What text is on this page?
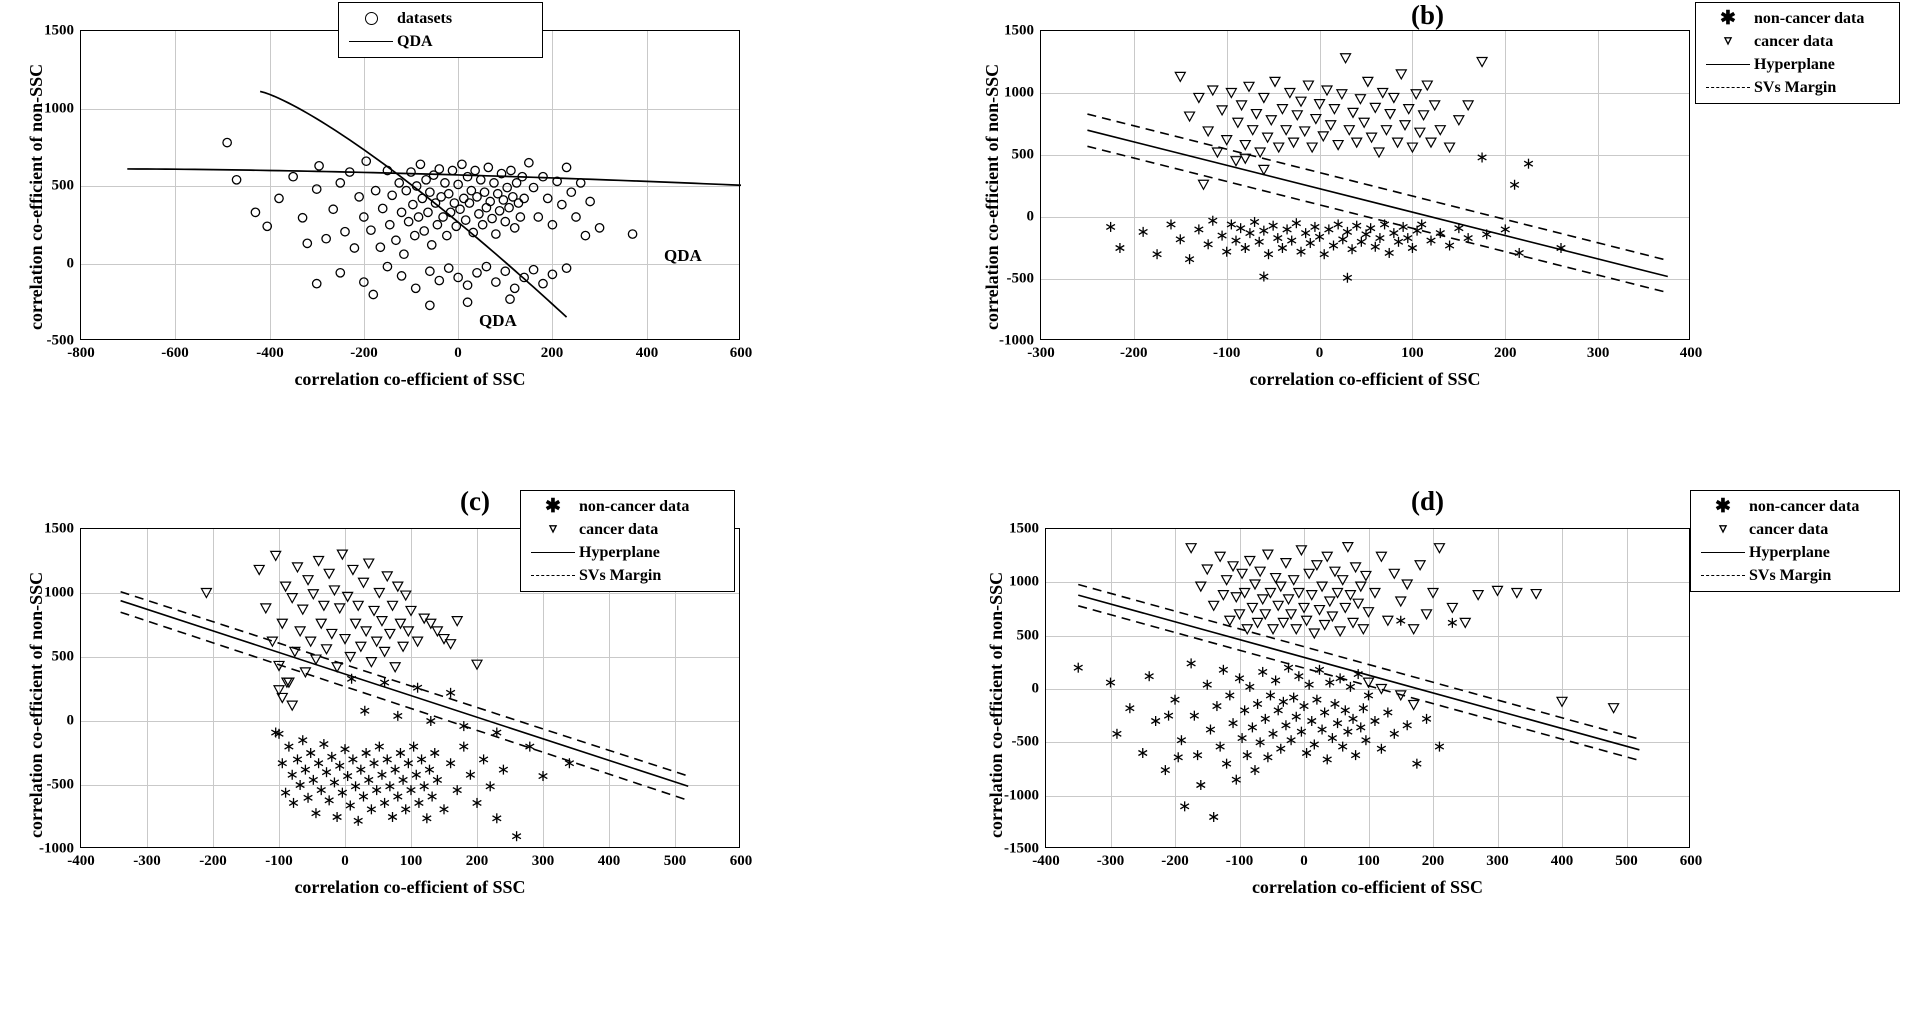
1500
1000
500
0
-500
-800	-600	-400	-200	0	200	400	600
QDA
QDA
correlation co-efficient of SSC
correlation co-efficient of non-SSC
datasets
QDA
(b)
1500
1000
500
0
-500
-1000
-300	-200	-100	0	100	200	300	400
correlation co-efficient of SSC
correlation co-efficient of non-SSC
✱ non-cancer data
▿ cancer data
Hyperplane
SVs Margin
(c)
1500
1000
500
0
-500
-1000
-400	-300	-200	-100	0	100	200	300	400	500	600
correlation co-efficient of SSC
correlation co-efficient of non-SSC
✱ non-cancer data
▿ cancer data
Hyperplane
SVs Margin
(d)
1500
1000
500
0
-500
-1000
-1500
-400 -300 -200 -100	0	100	200	300	400	500	600
correlation co-efficient of SSC
correlation co-efficient of non-SSC
✱ non-cancer data
▿ cancer data
Hyperplane
SVs Margin
